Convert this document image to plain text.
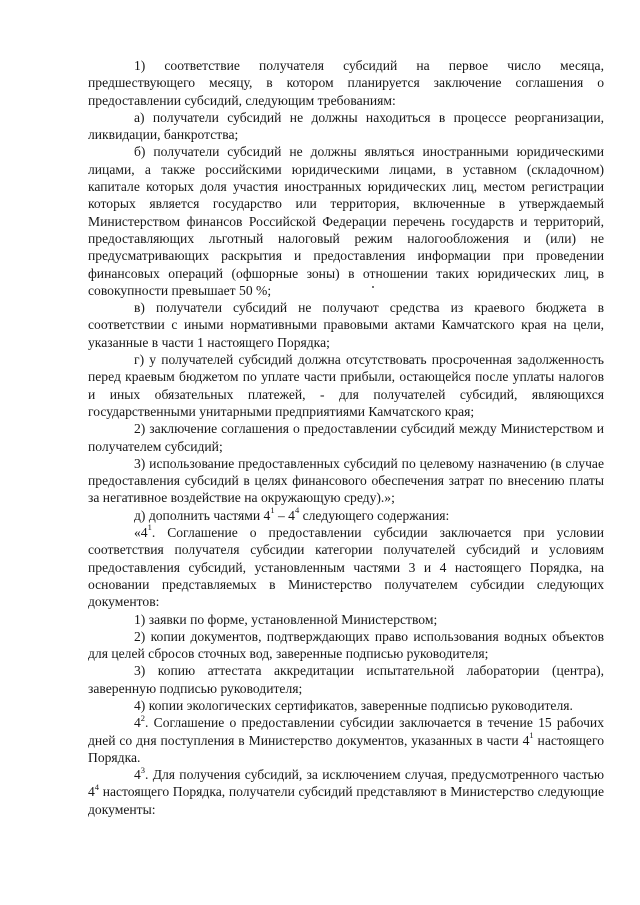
1) соответствие получателя субсидий на первое число месяца, предшествующего месяцу, в котором планируется заключение соглашения о предоставлении субсидий, следующим требованиям:

а) получатели субсидий не должны находиться в процессе реорганизации, ликвидации, банкротства;

б) получатели субсидий не должны являться иностранными юридическими лицами, а также российскими юридическими лицами, в уставном (складочном) капитале которых доля участия иностранных юридических лиц, местом регистрации которых является государство или территория, включенные в утверждаемый Министерством финансов Российской Федерации перечень государств и территорий, предоставляющих льготный налоговый режим налогообложения и (или) не предусматривающих раскрытия и предоставления информации при проведении финансовых операций (офшорные зоны) в отношении таких юридических лиц, в совокупности превышает 50 %;

в) получатели субсидий не получают средства из краевого бюджета в соответствии с иными нормативными правовыми актами Камчатского края на цели, указанные в части 1 настоящего Порядка;

г) у получателей субсидий должна отсутствовать просроченная задолженность перед краевым бюджетом по уплате части прибыли, остающейся после уплаты налогов и иных обязательных платежей, - для получателей субсидий, являющихся государственными унитарными предприятиями Камчатского края;

2) заключение соглашения о предоставлении субсидий между Министерством и получателем субсидий;

3) использование предоставленных субсидий по целевому назначению (в случае предоставления субсидий в целях финансового обеспечения затрат по внесению платы за негативное воздействие на окружающую среду).»;

д) дополнить частями $4^1 - 4^4$ следующего содержания:

«$4^1$. Соглашение о предоставлении субсидии заключается при условии соответствия получателя субсидии категории получателей субсидий и условиям предоставления субсидий, установленным частями 3 и 4 настоящего Порядка, на основании представляемых в Министерство получателем субсидии следующих документов:

1) заявки по форме, установленной Министерством;

2) копии документов, подтверждающих право использования водных объектов для целей сбросов сточных вод, заверенные подписью руководителя;

3) копию аттестата аккредитации испытательной лаборатории (центра), заверенную подписью руководителя;

4) копии экологических сертификатов, заверенные подписью руководителя.

$4^2$. Соглашение о предоставлении субсидии заключается в течение 15 рабочих дней со дня поступления в Министерство документов, указанных в части $4^1$ настоящего Порядка.

$4^3$. Для получения субсидий, за исключением случая, предусмотренного частью $4^4$ настоящего Порядка, получатели субсидий представляют в Министерство следующие документы:
